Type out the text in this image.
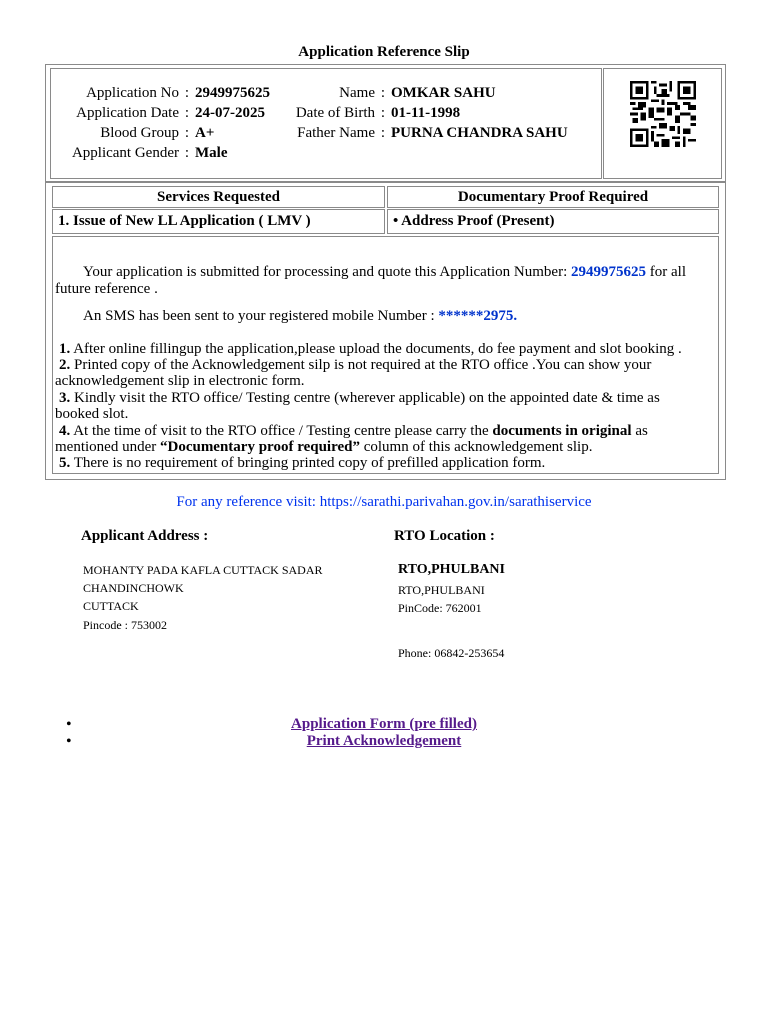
Application Reference Slip
Application No : 2949975625
Application Date : 24-07-2025
Blood Group : A+
Applicant Gender : Male
Name : OMKAR SAHU
Date of Birth : 01-11-1998
Father Name : PURNA CHANDRA SAHU
Services Requested	Documentary Proof Required
1. Issue of New LL Application ( LMV )	• Address Proof (Present)
Your application is submitted for processing and quote this Application Number: 2949975625 for all
future reference .
An SMS has been sent to your registered mobile Number : ******2975.
1. After online fillingup the application,please upload the documents, do fee payment and slot booking .
2. Printed copy of the Acknowledgement silp is not required at the RTO office .You can show your
acknowledgement slip in electronic form.
3. Kindly visit the RTO office/ Testing centre (wherever applicable) on the appointed date & time as
booked slot.
4. At the time of visit to the RTO office / Testing centre please carry the documents in original as
mentioned under “Documentary proof required” column of this acknowledgement slip.
5. There is no requirement of bringing printed copy of prefilled application form.
For any reference visit: https://sarathi.parivahan.gov.in/sarathiservice
Applicant Address :
MOHANTY PADA KAFLA CUTTACK SADAR
CHANDINCHOWK
CUTTACK
Pincode : 753002
RTO Location :
RTO,PHULBANI
RTO,PHULBANI
PinCode: 762001
Phone: 06842-253654
• Application Form (pre filled)
• Print Acknowledgement
